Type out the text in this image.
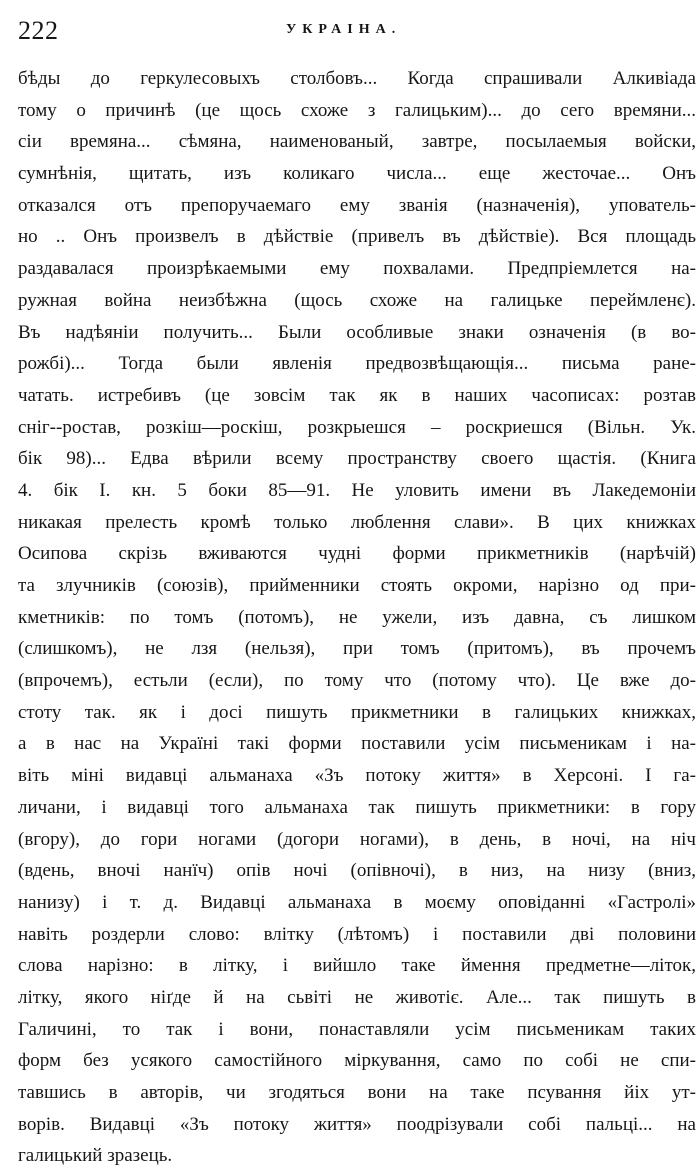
222	УКРАІНА.
бѣды до геркулесовыхъ столбовъ... Когда спрашивали Алкивіада
тому о причинѣ (це щось схоже з галицьким)... до сего времяни...
сіи времяна... сѣмяна, наименованый, завтре, посылаемыя войски,
сумнѣнія, щитать, изъ коликаго числа... еще жесточае... Онъ
отказался отъ препоручаемаго ему званія (назначенія), упователь-
но .. Онъ произвелъ в дѣйствіе (привелъ въ дѣйствіе). Вся площадь
раздавалася произрѣкаемыми ему похвалами. Предпріемлется на-
ружная война неизбѣжна (щось схоже на галицьке переймленє).
Въ надѣяніи получить... Были особливые знаки означенія (в во-
рожбі)... Тогда были явленія предвозвѣщающія... письма ране-
чатать. истребивъ (це зовсім так як в наших часописах: розтав
сніг--ростав, розкіш—роскіш, розкрыешся – роскриешся (Вільн. Ук.
бік 98)... Едва вѣрили всему пространству своего щастія. (Книга
4. бік I. кн. 5 боки 85—91. Не уловить имени въ Лакедемоніи
никакая прелесть кромѣ только люблення слави». В цих книжках
Осипова скрізь вживаются чудні форми прикметників (нарѣчій)
та злучників (союзів), прийменники стоять окроми, нарізно од при-
кметників: по томъ (потомъ), не ужели, изъ давна, съ лишком
(слишкомъ), не лзя (нельзя), при томъ (притомъ), въ прочемъ
(впрочемъ), естьли (если), по тому что (потому что). Це вже до-
стоту так. як і досі пишуть прикметники в галицьких книжках,
а в нас на Україні такі форми поставили усім письменикам і на-
віть міні видавці альманаха «Зъ потоку життя» в Херсоні. І га-
личани, і видавці того альманаха так пишуть прикметники: в гору
(вгору), до гори ногами (догори ногами), в день, в ночі, на ніч
(вдень, вночі нанїч) опів ночі (опівночі), в низ, на низу (вниз,
нанизу) і т. д. Видавці альманаха в моєму оповіданні «Гастролі»
навіть роздерли слово: влітку (лѣтомъ) і поставили дві половини
слова нарізно: в літку, і вийшло таке ймення предметне—літок,
літку, якого ніґде й на сьвіті не животіє. Але... так пишуть в
Галичині, то так і вони, понаставляли усім письменикам таких
форм без усякого самостійного міркування, само по собі не спи-
тавшись в авторів, чи згодяться вони на таке псування йіх ут-
ворів. Видавці «Зъ потоку життя» поодрізували собі пальці... на
галицький зразець.
